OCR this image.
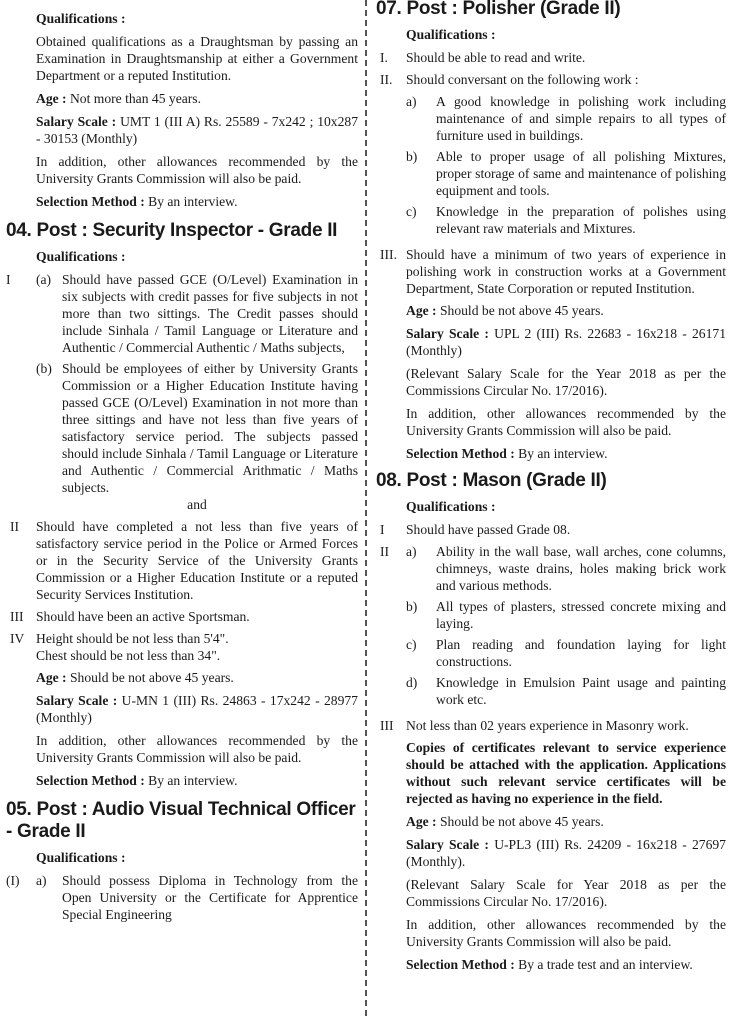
Qualifications :

Obtained qualifications as a Draughtsman by passing an Examination in Draughtsmanship at either a Government Department or a reputed Institution.

Age : Not more than 45 years.

Salary Scale : UMT 1 (III A) Rs. 25589 - 7x242 ; 10x287 - 30153 (Monthly)

In addition, other allowances recommended by the University Grants Commission will also be paid.

Selection Method : By an interview.

04. Post : Security Inspector - Grade II

Qualifications :

I	(a) Should have passed GCE (O/Level) Examination in six subjects with credit passes for five subjects in not more than two sittings. The Credit passes should include Sinhala / Tamil Language or Literature and Authentic / Commercial Authentic / Maths subjects,
(b) Should be employees of either by University Grants Commission or a Higher Education Institute having passed GCE (O/Level) Examination in not more than three sittings and have not less than five years of satisfactory service period. The subjects passed should include Sinhala / Tamil Language or Literature and Authentic / Commercial Arithmatic / Maths subjects.
and
II	Should have completed a not less than five years of satisfactory service period in the Police or Armed Forces or in the Security Service of the University Grants Commission or a Higher Education Institute or a reputed Security Services Institution.
III Should have been an active Sportsman.
IV Height should be not less than 5'4".
Chest should be not less than 34".

Age : Should be not above 45 years.

Salary Scale : U-MN 1 (III) Rs. 24863 - 17x242 - 28977 (Monthly)

In addition, other allowances recommended by the University Grants Commission will also be paid.

Selection Method : By an interview.

05. Post : Audio Visual Technical Officer - Grade II

Qualifications :

(I)	a)	Should possess Diploma in Technology from the Open University or the Certificate for Apprentice Special Engineering
07. Post : Polisher (Grade II)

Qualifications :

I.	Should be able to read and write.
II. Should conversant on the following work :
a)	A good knowledge in polishing work including maintenance of and simple repairs to all types of furniture used in buildings.
b)	Able to proper usage of all polishing Mixtures, proper storage of same and maintenance of polishing equipment and tools.
c)	Knowledge in the preparation of polishes using relevant raw materials and Mixtures.
III. Should have a minimum of two years of experience in polishing work in construction works at a Government Department, State Corporation or reputed Institution.

Age : Should be not above 45 years.

Salary Scale : UPL 2 (III) Rs. 22683 - 16x218 - 26171 (Monthly)

(Relevant Salary Scale for the Year 2018 as per the Commissions Circular No. 17/2016).

In addition, other allowances recommended by the University Grants Commission will also be paid.

Selection Method : By an interview.

08. Post : Mason (Grade II)

Qualifications :

I	Should have passed Grade 08.
II	a)	Ability in the wall base, wall arches, cone columns, chimneys, waste drains, holes making brick work and various methods.
b)	All types of plasters, stressed concrete mixing and laying.
c)	Plan reading and foundation laying for light constructions.
d)	Knowledge in Emulsion Paint usage and painting work etc.
III Not less than 02 years experience in Masonry work.

Copies of certificates relevant to service experience should be attached with the application. Applications without such relevant service certificates will be rejected as having no experience in the field.

Age : Should be not above 45 years.

Salary Scale : U-PL3 (III) Rs. 24209 - 16x218 - 27697 (Monthly).

(Relevant Salary Scale for Year 2018 as per the Commissions Circular No. 17/2016).

In addition, other allowances recommended by the University Grants Commission will also be paid.

Selection Method : By a trade test and an interview.
